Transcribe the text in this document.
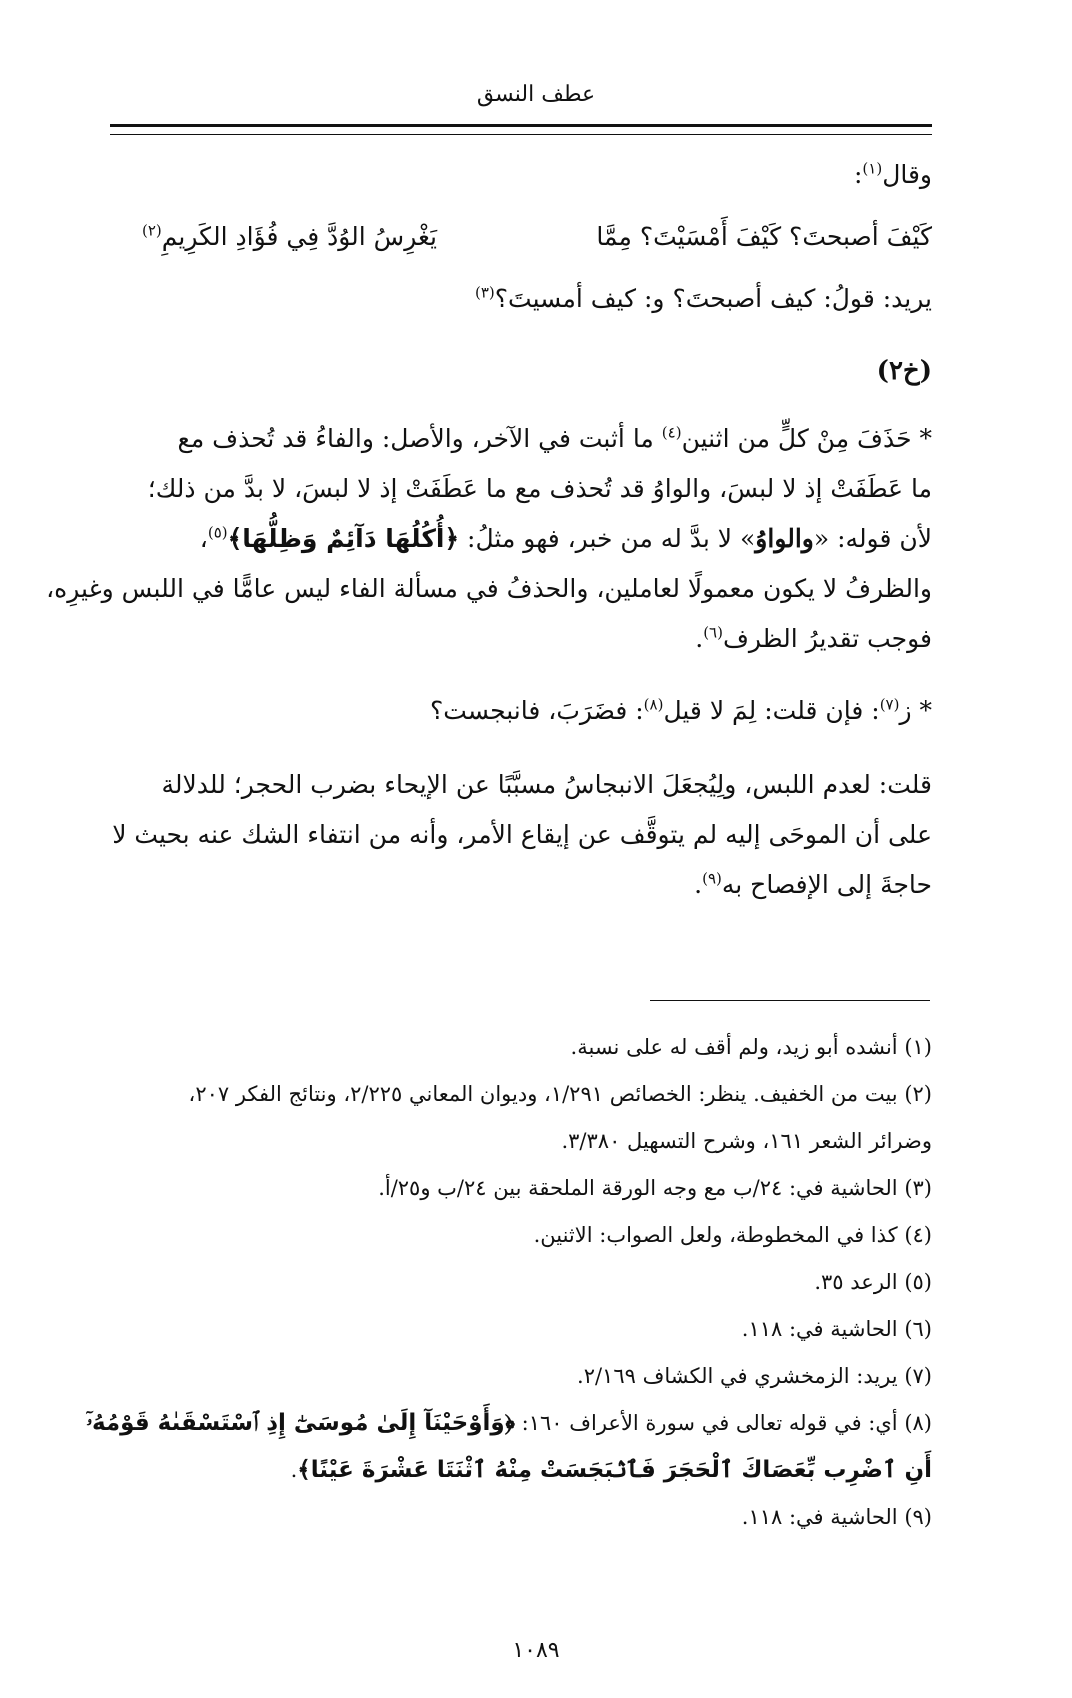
عطف النسق
وقال$^{(١)}$:
كَيْفَ أصبحتَ؟ كَيْفَ أَمْسَيْتَ؟ مِمَّا
يَغْرِسُ الوُدَّ فِي فُؤَادِ الكَرِيمِ$^{(٢)}$
يريد: قولُ: كيف أصبحتَ؟ و: كيف أمسيتَ؟$^{(٣)}$
(خ٢)
* حَذَفَ مِنْ كلٍّ من اثنين$^{(٤)}$ ما أثبت في الآخر، والأصل: والفاءُ قد تُحذف مع
ما عَطَفَتْ إذ لا لبسَ، والواوُ قد تُحذف مع ما عَطَفَتْ إذ لا لبسَ، لا بدَّ من ذلك؛
لأن قوله: «والواوُ» لا بدَّ له من خبر، فهو مثلُ: ﴿أُكُلُهَا دَآئِمٌ وَظِلُّهَا﴾$^{(٥)}$،
والظرفُ لا يكون معمولًا لعاملين، والحذفُ في مسألة الفاء ليس عامًّا في اللبس وغيرِه،
فوجب تقديرُ الظرف$^{(٦)}$.
* ز$^{(٧)}$: فإن قلت: لِمَ لا قيل$^{(٨)}$: فضَرَبَ، فانبجست؟
قلت: لعدم اللبس، ولِيُجعَلَ الانبجاسُ مسبَّبًا عن الإيحاء بضرب الحجر؛ للدلالة
على أن الموحَى إليه لم يتوقَّف عن إيقاع الأمر، وأنه من انتفاء الشك عنه بحيث لا
حاجةَ إلى الإفصاح به$^{(٩)}$.
(١) أنشده أبو زيد، ولم أقف له على نسبة.
(٢) بيت من الخفيف. ينظر: الخصائص ١/٢٩١، وديوان المعاني ٢/٢٢٥، ونتائج الفكر ٢٠٧،
وضرائر الشعر ١٦١، وشرح التسهيل ٣/٣٨٠.
(٣) الحاشية في: ٢٤/ب مع وجه الورقة الملحقة بين ٢٤/ب و٢٥/أ.
(٤) كذا في المخطوطة، ولعل الصواب: الاثنين.
(٥) الرعد ٣٥.
(٦) الحاشية في: ١١٨.
(٧) يريد: الزمخشري في الكشاف ٢/١٦٩.
(٨) أي: في قوله تعالى في سورة الأعراف ١٦٠: ﴿وَأَوْحَيْنَآ إِلَىٰ مُوسَىٰٓ إِذِ ٱسْتَسْقَىٰهُ قَوْمُهُۥٓ
أَنِ ٱضْرِب بِّعَصَاكَ ٱلْحَجَرَ فَٱنۢبَجَسَتْ مِنْهُ ٱثْنَتَا عَشْرَةَ عَيْنًا﴾.
(٩) الحاشية في: ١١٨.
١٠٨٩
